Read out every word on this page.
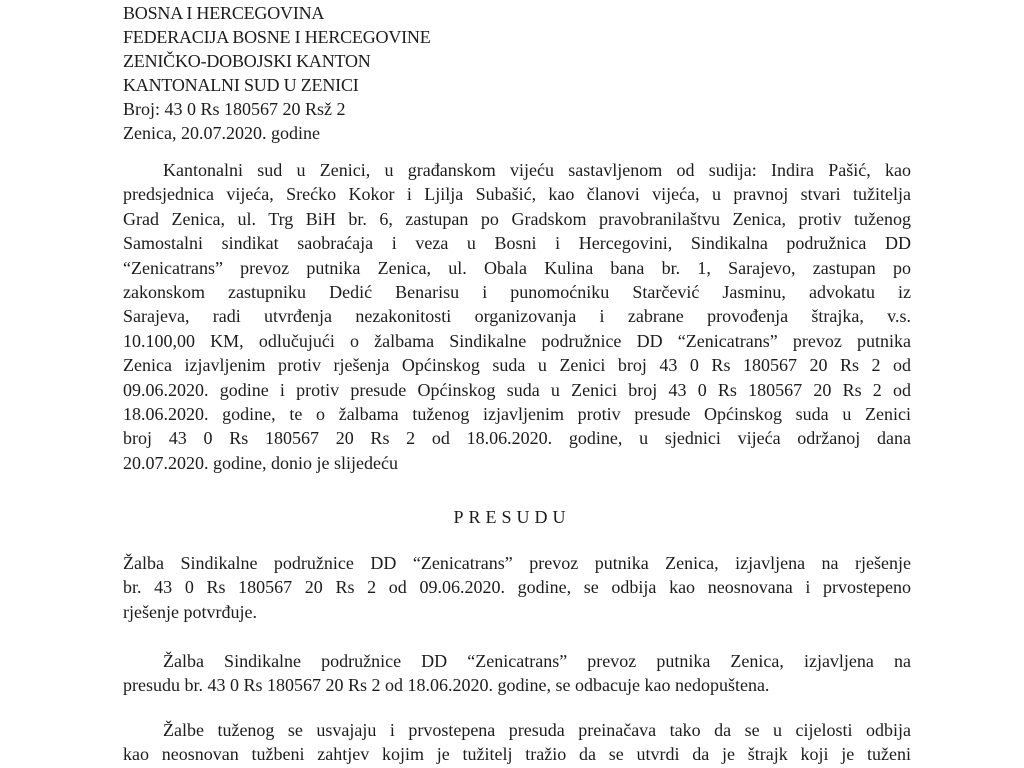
BOSNA I HERCEGOVINA
FEDERACIJA BOSNE I HERCEGOVINE
ZENIČKO-DOBOJSKI KANTON
KANTONALNI SUD U ZENICI
Broj: 43 0 Rs 180567 20 Rsž 2
Zenica, 20.07.2020. godine
Kantonalni sud u Zenici, u građanskom vijeću sastavljenom od sudija: Indira Pašić, kao
predsjednica vijeća, Srećko Kokor i Ljilja Subašić, kao članovi vijeća, u pravnoj stvari tužitelja
Grad Zenica, ul. Trg BiH br. 6, zastupan po Gradskom pravobranilaštvu Zenica, protiv tuženog
Samostalni sindikat saobraćaja i veza u Bosni i Hercegovini, Sindikalna podružnica DD
“Zenicatrans” prevoz putnika Zenica, ul. Obala Kulina bana br. 1, Sarajevo, zastupan po
zakonskom zastupniku Dedić Benarisu i punomoćniku Starčević Jasminu, advokatu iz
Sarajeva, radi utvrđenja nezakonitosti organizovanja i zabrane provođenja štrajka, v.s.
10.100,00 KM, odlučujući o žalbama Sindikalne podružnice DD “Zenicatrans” prevoz putnika
Zenica izjavljenim protiv rješenja Općinskog suda u Zenici broj 43 0 Rs 180567 20 Rs 2 od
09.06.2020. godine i protiv presude Općinskog suda u Zenici broj 43 0 Rs 180567 20 Rs 2 od
18.06.2020. godine, te o žalbama tuženog izjavljenim protiv presude Općinskog suda u Zenici
broj 43 0 Rs 180567 20 Rs 2 od 18.06.2020. godine, u sjednici vijeća održanoj dana
20.07.2020. godine, donio je slijedeću
PRESUDU
Žalba Sindikalne podružnice DD “Zenicatrans” prevoz putnika Zenica, izjavljena na rješenje
br. 43 0 Rs 180567 20 Rs 2 od 09.06.2020. godine, se odbija kao neosnovana i prvostepeno
rješenje potvrđuje.
Žalba Sindikalne podružnice DD “Zenicatrans” prevoz putnika Zenica, izjavljena na
presudu br. 43 0 Rs 180567 20 Rs 2 od 18.06.2020. godine, se odbacuje kao nedopuštena.
Žalbe tuženog se usvajaju i prvostepena presuda preinačava tako da se u cijelosti odbija
kao neosnovan tužbeni zahtjev kojim je tužitelj tražio da se utvrdi da je štrajk koji je tuženi
